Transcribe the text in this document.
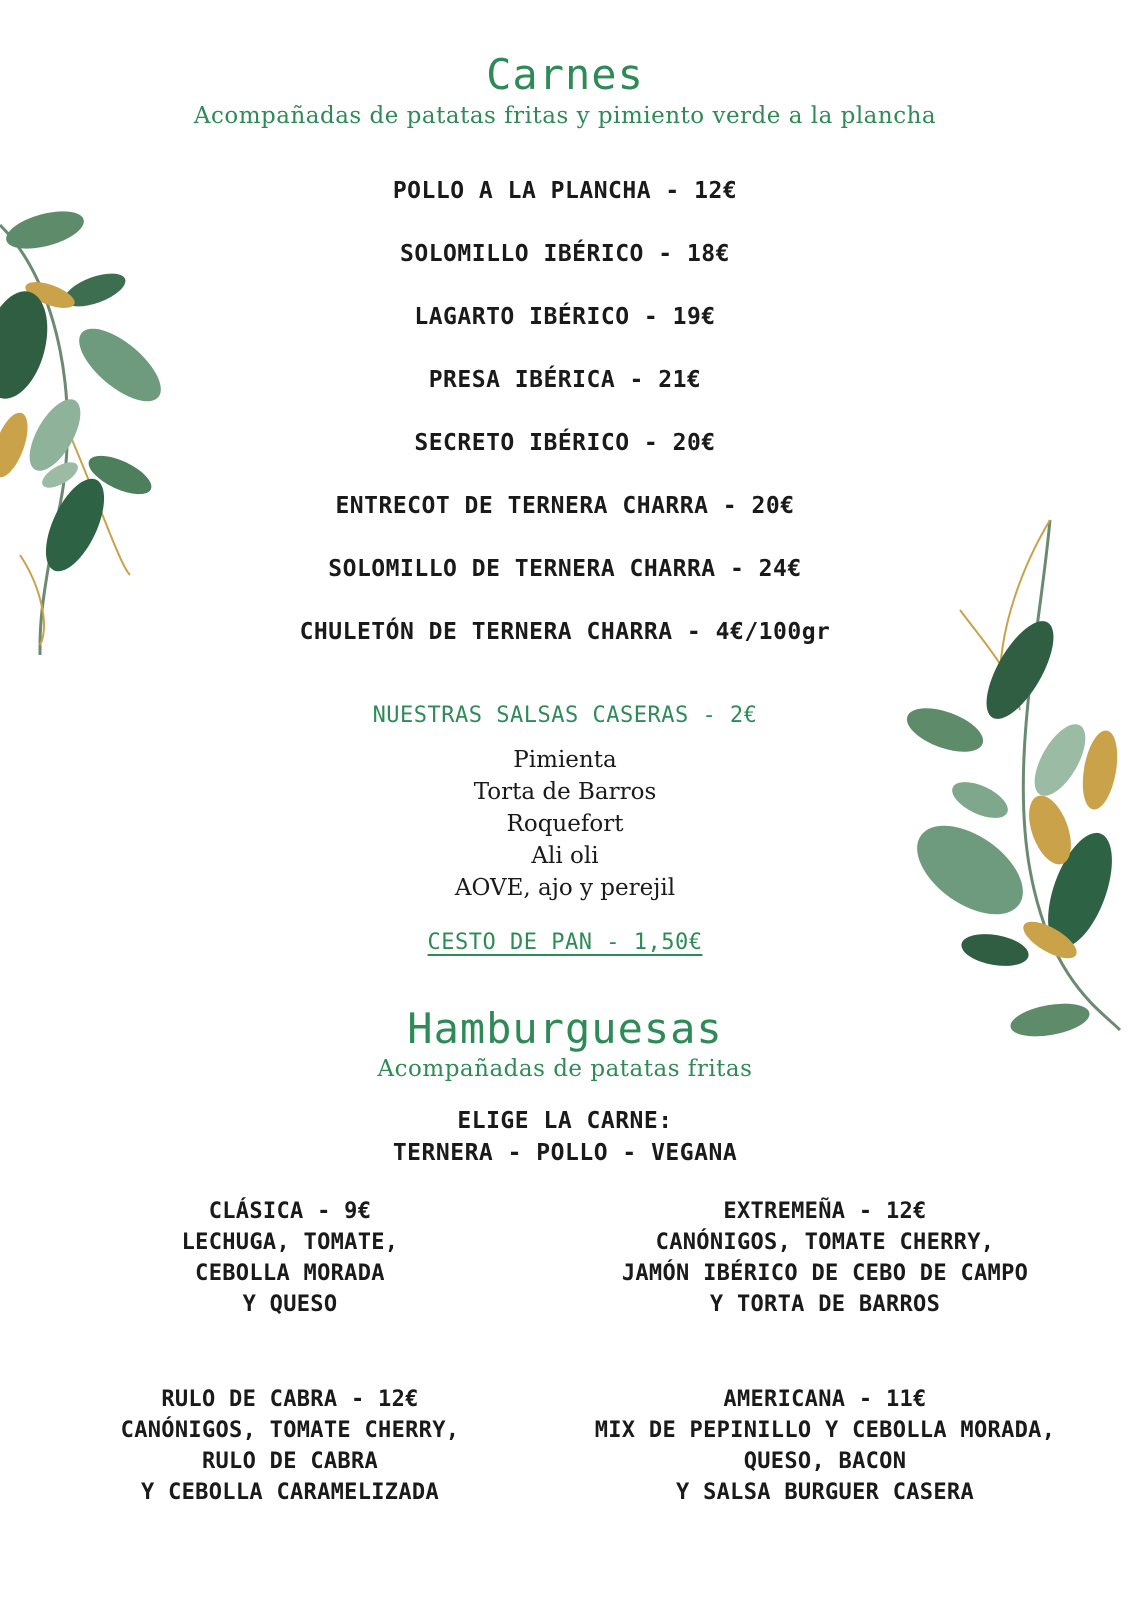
Carnes
Acompañadas de patatas fritas y pimiento verde a la plancha
POLLO A LA PLANCHA - 12€
SOLOMILLO IBÉRICO - 18€
LAGARTO IBÉRICO - 19€
PRESA IBÉRICA - 21€
SECRETO IBÉRICO - 20€
ENTRECOT DE TERNERA CHARRA - 20€
SOLOMILLO DE TERNERA CHARRA - 24€
CHULETÓN DE TERNERA CHARRA - 4€/100gr
NUESTRAS SALSAS CASERAS - 2€
Pimienta
Torta de Barros
Roquefort
Ali oli
AOVE, ajo y perejil
CESTO DE PAN - 1,50€
Hamburguesas
Acompañadas de patatas fritas
ELIGE LA CARNE:
TERNERA - POLLO - VEGANA
CLÁSICA - 9€
LECHUGA, TOMATE,
CEBOLLA MORADA
Y QUESO
EXTREMEÑA - 12€
CANÓNIGOS, TOMATE CHERRY,
JAMÓN IBÉRICO DE CEBO DE CAMPO
Y TORTA DE BARROS
RULO DE CABRA - 12€
CANÓNIGOS, TOMATE CHERRY,
RULO DE CABRA
Y CEBOLLA CARAMELIZADA
AMERICANA - 11€
MIX DE PEPINILLO Y CEBOLLA MORADA,
QUESO, BACON
Y SALSA BURGUER CASERA
